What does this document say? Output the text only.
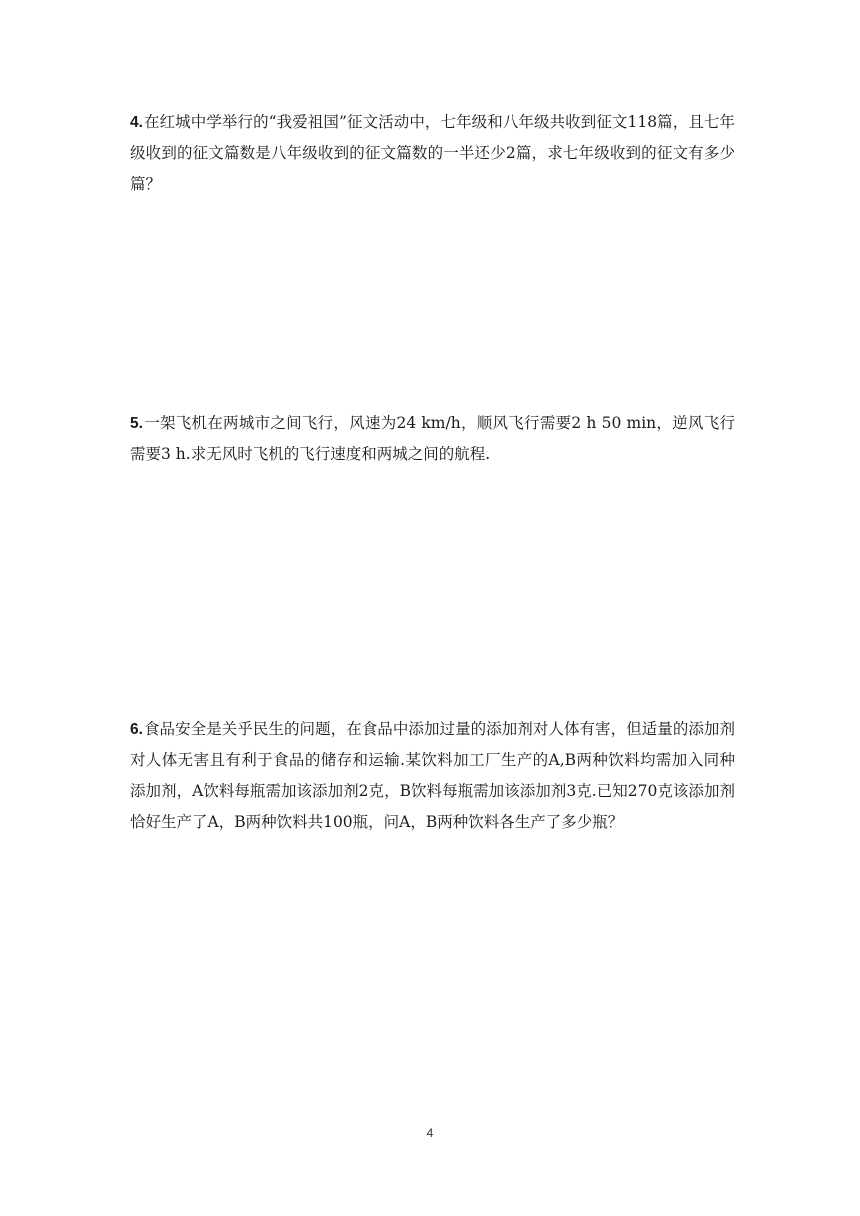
4.在红城中学举行的“我爱祖国”征文活动中，七年级和八年级共收到征文118篇，且七年级收到的征文篇数是八年级收到的征文篇数的一半还少2篇，求七年级收到的征文有多少篇？

5.一架飞机在两城市之间飞行，风速为24 km/h，顺风飞行需要2 h 50 min，逆风飞行需要3 h.求无风时飞机的飞行速度和两城之间的航程.

6.食品安全是关乎民生的问题，在食品中添加过量的添加剂对人体有害，但适量的添加剂对人体无害且有利于食品的储存和运输.某饮料加工厂生产的A,B两种饮料均需加入同种添加剂，A饮料每瓶需加该添加剂2克，B饮料每瓶需加该添加剂3克.已知270克该添加剂恰好生产了A，B两种饮料共100瓶，问A，B两种饮料各生产了多少瓶？

4
